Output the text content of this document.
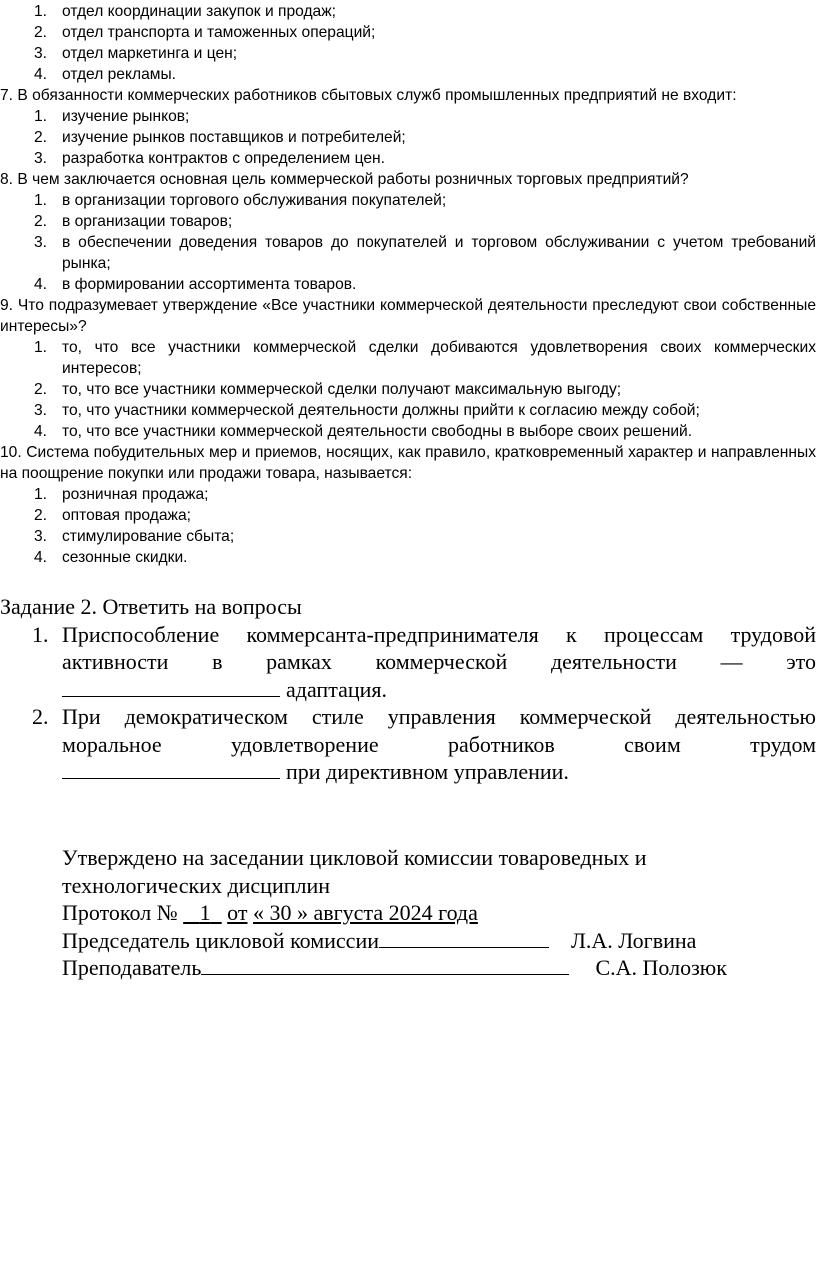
1. отдел координации закупок и продаж;
2. отдел транспорта и таможенных операций;
3. отдел маркетинга и цен;
4. отдел рекламы.
7. В обязанности коммерческих работников сбытовых служб промышленных предприятий не входит:
1. изучение рынков;
2. изучение рынков поставщиков и потребителей;
3. разработка контрактов с определением цен.
8. В чем заключается основная цель коммерческой работы розничных торговых предприятий?
1. в организации торгового обслуживания покупателей;
2. в организации товаров;
3. в обеспечении доведения товаров до покупателей и торговом обслуживании с учетом требований рынка;
4. в формировании ассортимента товаров.
9. Что подразумевает утверждение «Все участники коммерческой деятельности преследуют свои собственные интересы»?
1. то, что все участники коммерческой сделки добиваются удовлетворения своих коммерческих интересов;
2. то, что все участники коммерческой сделки получают максимальную выгоду;
3. то, что участники коммерческой деятельности должны прийти к согласию между собой;
4. то, что все участники коммерческой деятельности свободны в выборе своих решений.
10. Система побудительных мер и приемов, носящих, как правило, кратковременный характер и направленных на поощрение покупки или продажи товара, называется:
1. розничная продажа;
2. оптовая продажа;
3. стимулирование сбыта;
4. сезонные скидки.
Задание 2. Ответить на вопросы
1. Приспособление коммерсанта-предпринимателя к процессам трудовой
активности в рамках коммерческой деятельности — это
адаптация.
2. При демократическом стиле управления коммерческой деятельностью
моральное удовлетворение работников своим трудом
при директивном управлении.
Утверждено на заседании цикловой комиссии товароведных и
технологических дисциплин
Протокол № 1 от « 30 » августа 2024 года
Председатель цикловой комиссии	Л.А. Логвина
Преподаватель	С.А. Полозюк
